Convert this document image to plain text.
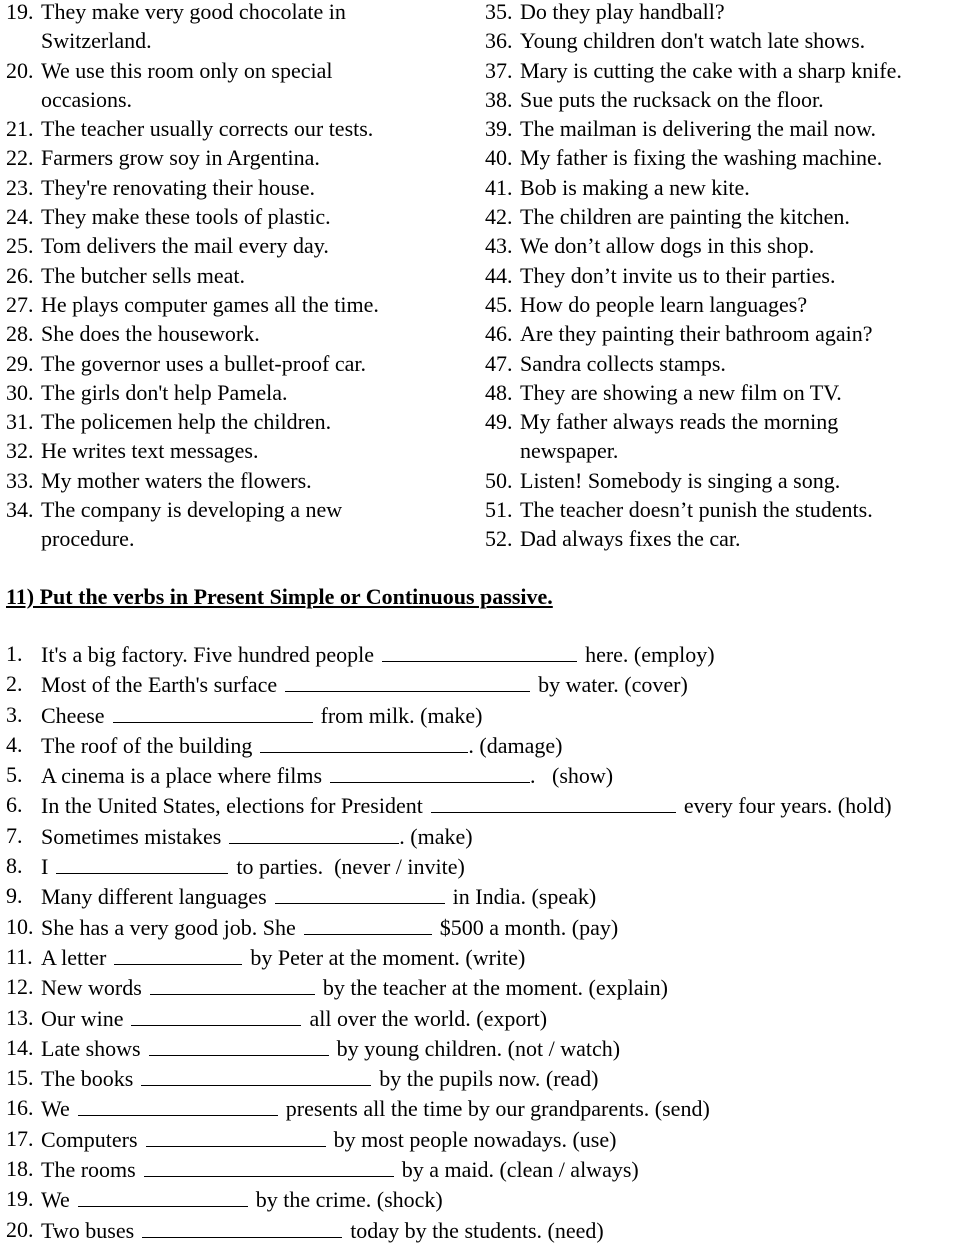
19. They make very good chocolate in
Switzerland.
20. We use this room only on special
occasions.
21. The teacher usually corrects our tests.
22. Farmers grow soy in Argentina.
23. They're renovating their house.
24. They make these tools of plastic.
25. Tom delivers the mail every day.
26. The butcher sells meat.
27. He plays computer games all the time.
28. She does the housework.
29. The governor uses a bullet-proof car.
30. The girls don't help Pamela.
31. The policemen help the children.
32. He writes text messages.
33. My mother waters the flowers.
34. The company is developing a new
procedure.
35. Do they play handball?
36. Young children don't watch late shows.
37. Mary is cutting the cake with a sharp knife.
38. Sue puts the rucksack on the floor.
39. The mailman is delivering the mail now.
40. My father is fixing the washing machine.
41. Bob is making a new kite.
42. The children are painting the kitchen.
43. We don’t allow dogs in this shop.
44. They don’t invite us to their parties.
45. How do people learn languages?
46. Are they painting their bathroom again?
47. Sandra collects stamps.
48. They are showing a new film on TV.
49. My father always reads the morning
newspaper.
50. Listen! Somebody is singing a song.
51. The teacher doesn’t punish the students.
52. Dad always fixes the car.
11) Put the verbs in Present Simple or Continuous passive.
1. It's a big factory. Five hundred people	here. (employ)
2. Most of the Earth's surface	by water. (cover)
3. Cheese	from milk. (make)
4. The roof of the building	. (damage)
5. A cinema is a place where films	.   (show)
6. In the United States, elections for President	every four years. (hold)
7. Sometimes mistakes	. (make)
8. I	to parties.  (never / invite)
9. Many different languages	in India. (speak)
10. She has a very good job. She	$500 a month. (pay)
11. A letter	by Peter at the moment. (write)
12. New words	by the teacher at the moment. (explain)
13. Our wine	all over the world. (export)
14. Late shows	by young children. (not / watch)
15. The books	by the pupils now. (read)
16. We	presents all the time by our grandparents. (send)
17. Computers	by most people nowadays. (use)
18. The rooms	by a maid. (clean / always)
19. We	by the crime. (shock)
20. Two buses	today by the students. (need)
